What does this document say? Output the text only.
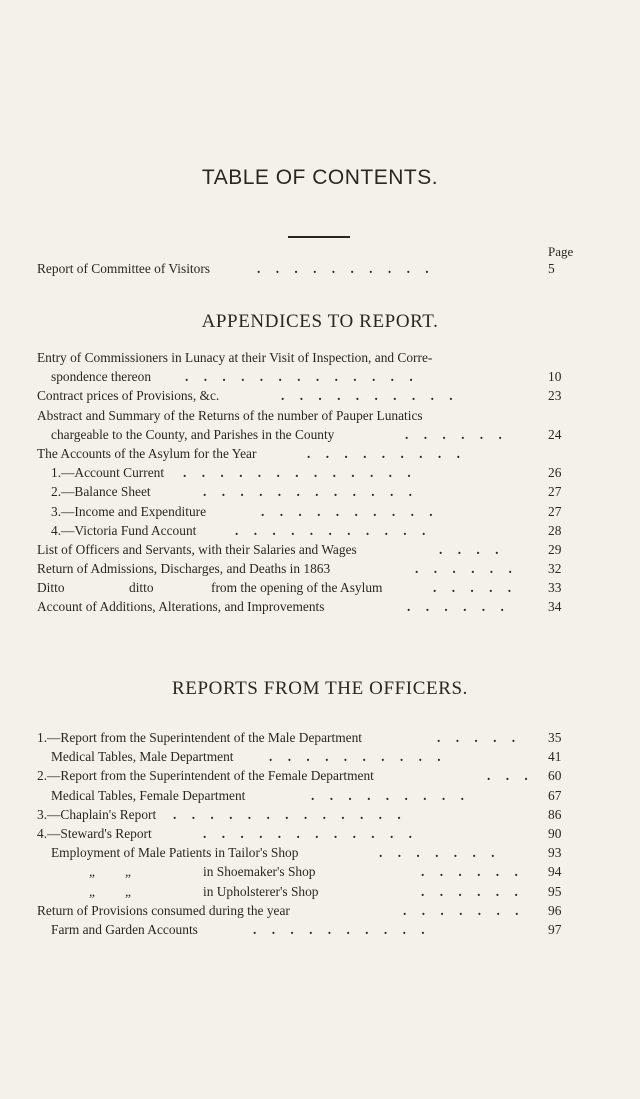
TABLE OF CONTENTS.
Page
Report of Committee of Visitors	. . . . . . . . . .	5
APPENDICES TO REPORT.
Entry of Commissioners in Lunacy at their Visit of Inspection, and Corre-
spondence thereon	. . . . . . . . . . . . .	10
Contract prices of Provisions, &c.	. . . . . . . . . .	23
Abstract and Summary of the Returns of the number of Pauper Lunatics
chargeable to the County, and Parishes in the County	. . . . . .	24
The Accounts of the Asylum for the Year	. . . . . . . . .
1.—Account Current . . . . . . . . . . . . .	26
2.—Balance Sheet	. . . . . . . . . . . .	27
3.—Income and Expenditure	. . . . . . . . . .	27
4.—Victoria Fund Account	. . . . . . . . . . .	28
List of Officers and Servants, with their Salaries and Wages	. . . .	29
Return of Admissions, Discharges, and Deaths in 1863	. . . . . . 32
Ditto	ditto	from the opening of the Asylum	. . . . . 33
Account of Additions, Alterations, and Improvements	. . . . . .	34
REPORTS FROM THE OFFICERS.
1.—Report from the Superintendent of the Male Department	. . . . . 35
Medical Tables, Male Department	. . . . . . . . . .	41
2.—Report from the Superintendent of the Female Department	. . . 60
Medical Tables, Female Department	. . . . . . . . .	67
3.—Chaplain's Report . . . . . . . . . . . . .	86
4.—Steward's Report	. . . . . . . . . . . .	90
Employment of Male Patients in Tailor's Shop	. . . . . . .	93
„ „	in Shoemaker's Shop	. . . . . . 94
„ „	in Upholsterer's Shop	. . . . . . 95
Return of Provisions consumed during the year	. . . . . . . 96
Farm and Garden Accounts	. . . . . . . . . .	97
